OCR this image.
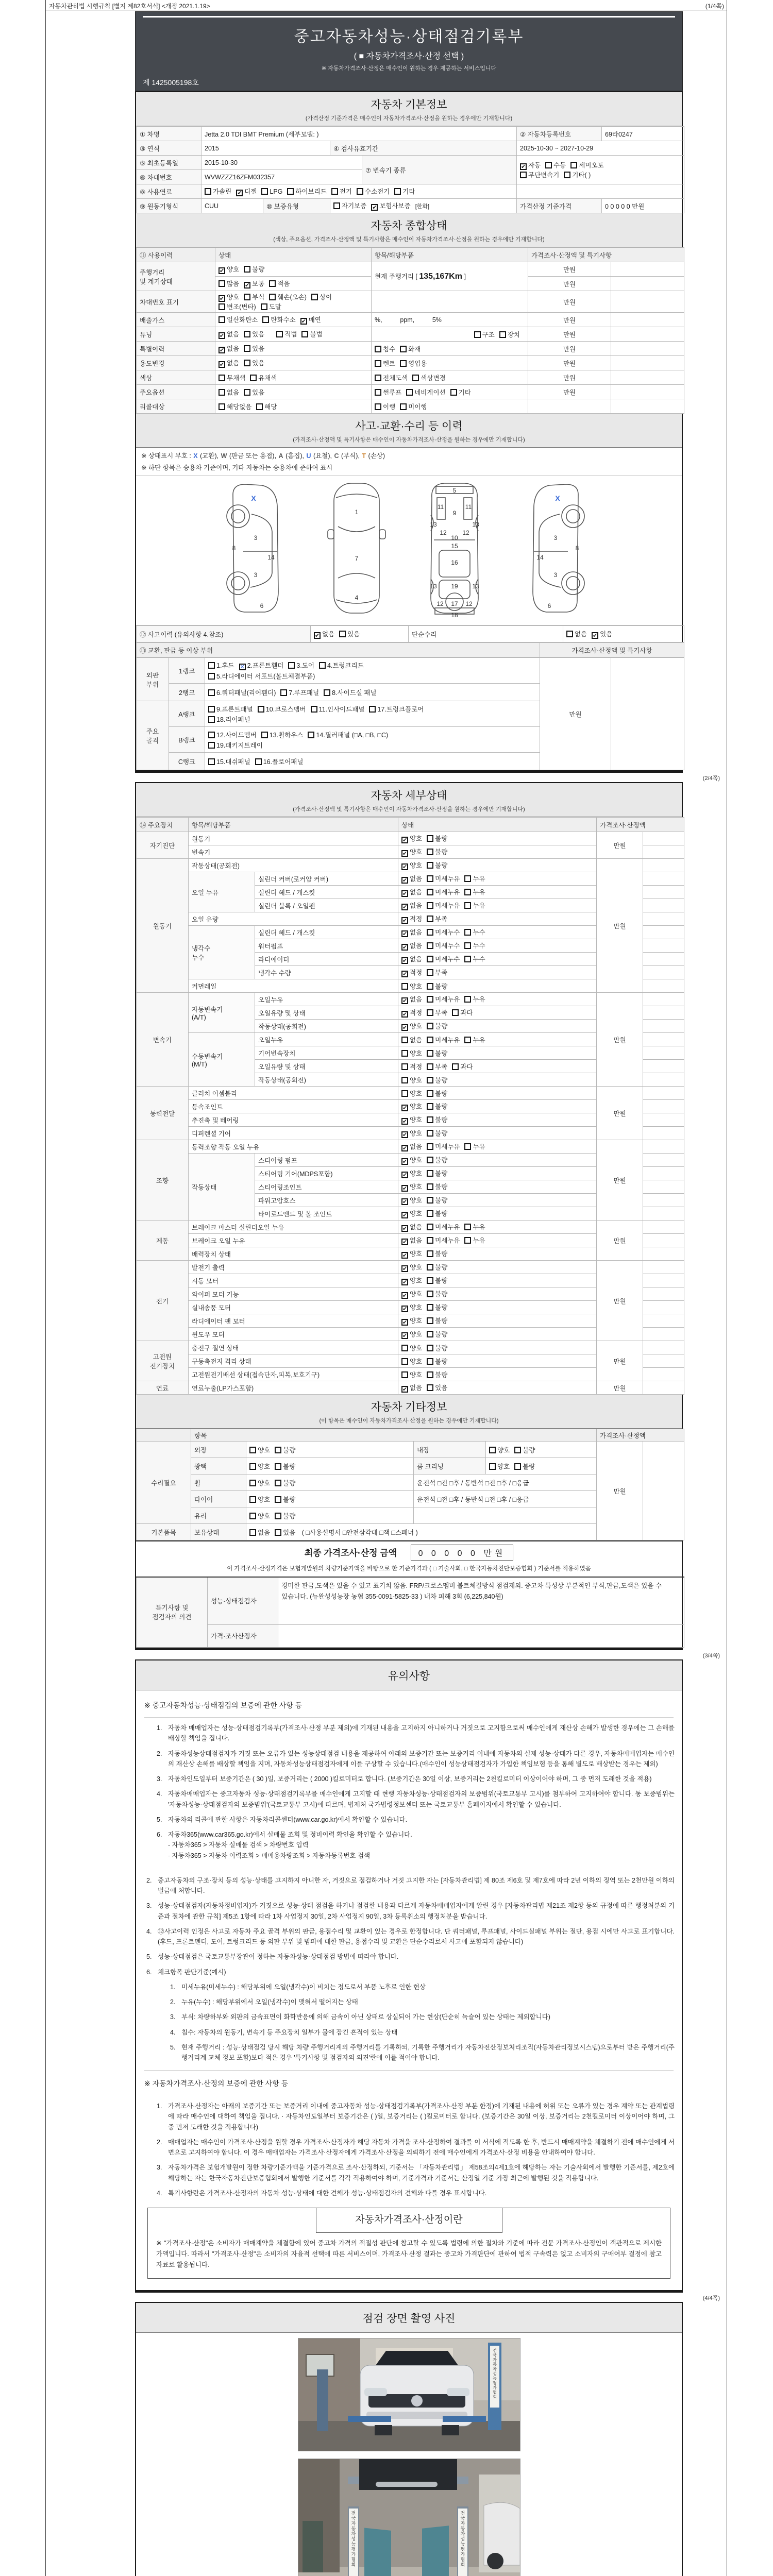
자동차관리법 시행규칙 [별지 제82호서식] <개정 2021.1.19>	(1/4쪽)
중고자동차성능·상태점검기록부
( ■ 자동차가격조사·산정 선택 )
※ 자동차가격조사·산정은 매수인이 원하는 경우 제공하는 서비스입니다
제 1425005198호
자동차 기본정보
(가격산정 기준가격은 매수인이 자동차가격조사·산정을 원하는 경우에만 기재합니다)
① 차명	Jetta 2.0 TDI BMT Premium (세부모델: )				② 자동차등록번호	69라0247
③ 연식	2015		④ 검사유효기간		2025-10-30 ~ 2027-10-29	
⑤ 최초등록일	2015-10-30			⑦ 변속기 종류	✔ 자동 수동 세미오토
무단변속기 기타( )	
⑥ 차대번호	WVWZZZ16ZFM032357					
⑧ 사용연료	가솔린 ✔ 디젤 LPG 하이브리드 전기 수소전기 기타					
⑨ 원동기형식	CUU	⑩ 보증유형	자기보증 ✔ 보험사보증 [한화]		가격산정 기준가격	0 0 0 0 0 만원
자동차 종합상태
(색상, 주요옵션, 가격조사·산정액 및 특기사항은 매수인이 자동차가격조사·산정을 원하는 경우에만 기재합니다)
⑪ 사용이력	상태	항목/해당부품	가격조사·산정액 및 특기사항	
주행거리
및 계기상태	✔ 양호 불량	현재 주행거리 [ 135,167Km ]	만원	
	많음 ✔ 보통 적음		만원	
차대번호 표기	✔ 양호 부식 훼손(오손) 상이변조(변타) 도말		만원	
배출가스	일산화탄소 탄화수소 ✔ 매연	%,          ppm,          5%	만원	
튜닝	✔ 없음 있음 적법 불법	구조 장치	만원	
특별이력	✔ 없음 있음	침수 화재	만원	
용도변경	✔ 없음 있음	렌트 영업용	만원	
색상	무채색 유채색	전체도색 색상변경	만원	
주요옵션	없음 있음	썬루프 네비게이션 기타	만원	
리콜대상	해당없음 해당	이행 미이행		

사고·교환·수리 등 이력
(가격조사·산정액 및 특기사항은 매수인이 자동차가격조사·산정을 원하는 경우에만 기재합니다)
※ 상태표시 부호 : X (교환), W (판금 또는 용접), A (흠집), U (요철), C (부식), T (손상)
※ 하단 항목은 승용차 기준이며, 기타 자동차는 승용차에 준하여 표시
X
8
3
14
3
6
1
7
4
5
11	11
9
13	13
12	12
10
15
16
13 19 13
12 17 12
18
X
8
3
14
3
6
⑫ 사고이력 (유의사항 4.참조)	✔ 없음 있음	단순수리	없음 ✔ 있음
⑬ 교환, 판금 등 이상 부위	가격조사·산정액 및 특기사항
외판
부위	1랭크	
1.후드 ✕ 2.프론트휀더 3.도어 4.트렁크리드
5.라디에이터 서포트(볼트체결부품)
	만원	
	2랭크	6.쿼터패널(리어휀더) 7.루프패널 8.사이드실 패널		

주요
골격	A랭크	
9.프론트패널 10.크로스멤버 11.인사이드패널 17.트렁크플로어
18.리어패널

	B랭크	12.사이드멤버 13.휠하우스 14.필러패널 (□A, □B, □C)
19.패키지트레이		

	C랭크	15.대쉬패널 16.플로어패널		
(2/4쪽)
자동차 세부상태
(가격조사·산정액 및 특기사항은 매수인이 자동차가격조사·산정을 원하는 경우에만 기재합니다)
⑭ 주요장치	항목/해당부품		상태	가격조사·산정액	
자기진단	원동기		✔ 양호 불량	만원	
	변속기		✔ 양호 불량		
원동기	작동상태(공회전)		✔ 양호 불량	만원	
	오일 누유	실린더 커버(로커암 커버)	✔ 없음 미세누유 누유		
		실린더 헤드 / 개스킷	✔ 없음 미세누유 누유		
		실린더 블록 / 오일팬	✔ 없음 미세누유 누유		
	오일 유량		✔ 적정 부족		
	냉각수
누수	실린더 헤드 / 개스킷	✔ 없음 미세누수 누수		
		워터펌프	✔ 없음 미세누수 누수		
		라디에이터	✔ 없음 미세누수 누수		
		냉각수 수량	✔ 적정 부족		
	커먼레일		양호 불량		
변속기	자동변속기
(A/T)	오일누유	✔ 없음 미세누유 누유	만원	
		오일유량 및 상태	✔ 적정 부족 과다		
		작동상태(공회전)	✔ 양호 불량		
	수동변속기
(M/T)	오일누유	없음 미세누유 누유		
		기어변속장치	양호 불량		
		오일유량 및 상태	적정 부족 과다		
		작동상태(공회전)	양호 불량		
동력전달	클러치 어셈블리		양호 불량	만원	
	등속조인트		✔ 양호 불량		
	추진축 및 베어링		✔ 양호 불량		
	디퍼렌셜 기어		✔ 양호 불량		
조향	동력조향 작동 오일 누유		✔ 없음 미세누유 누유	만원	
	작동상태	스티어링 펌프	✔ 양호 불량		
		스티어링 기어(MDPS포함)	✔ 양호 불량		
		스티어링조인트	✔ 양호 불량		
		파워고압호스	✔ 양호 불량		
		타이로드엔드 및 볼 조인트	✔ 양호 불량		
제동	브레이크 마스터 실린더오일 누유		✔ 없음 미세누유 누유	만원	
	브레이크 오일 누유		✔ 없음 미세누유 누유		
	배력장치 상태		✔ 양호 불량		
전기	발전기 출력		✔ 양호 불량	만원	
	시동 모터		✔ 양호 불량		
	와이퍼 모터 기능		✔ 양호 불량		
	실내송풍 모터		✔ 양호 불량		
	라디에이터 팬 모터		✔ 양호 불량		
	윈도우 모터		✔ 양호 불량		
고전원
전기장치	충전구 절연 상태		양호 불량	만원	
	구동축전지 격리 상태		양호 불량		
	고전원전기배선 상태(접속단자,피복,보호기구)		양호 불량		
연료	연료누출(LP가스포함)		✔ 없음 있음	만원	
자동차 기타정보
(이 항목은 매수인이 자동차가격조사·산정을 원하는 경우에만 기재합니다)
	항목				가격조사·산정액	
수리필요	외장	양호 불량	내장	양호 불량	만원	
	광택	양호 불량	룸 크리닝	양호 불량		
	휠	양호 불량	운전석 □전 □후 / 동반석 □전 □후 / □응급			
	타이어	양호 불량	운전석 □전 □후 / 동반석 □전 □후 / □응급			
	유리	양호 불량				
기본품목	보유상태	없음 있음 ( □사용설명서 □안전삼각대 □잭 □스패너 )				
최종 가격조사·산정 금액	0 0 0 0 0 만원
이 가격조사·산정가격은 보험개발원의 차량기준가액을 바탕으로 한 기준가격과 ( □ 기술사회, □ 한국자동차진단보증협회 ) 기준서를 적용하였음
특기사항 및
점검자의 의견	성능·상태점검자	경미한 판금,도색은 있을 수 있고 표기치 않음. FRP/크로스멤버 볼트체결방식 점검제외. 중고차 특성상 부분적인 부식,판금,도색은 있을 수 있습니다. (뉴완성성능장 농협 355-0091-5825-33 ) 내차 피해 3회 (6,225,840원)
	가격·조사산정자	
(3/4쪽)
유의사항
※ 중고자동차성능·상태점검의 보증에 관한 사항 등
1. 자동차 매매업자는 성능·상태점검기록부(가격조사·산정 부분 제외)에 기재된 내용을 고지하지 아니하거나 거짓으로 고지함으로써 매수인에게 재산상 손해가 발생한 경우에는 그 손해를 배상할 책임을 집니다.
2. 자동차성능상태점검자가 거짓 또는 오류가 있는 성능상태점검 내용을 제공하여 아래의 보증기간 또는 보증거리 이내에 자동차의 실제 성능·상태가 다른 경우, 자동차매매업자는 매수인의 재산상 손해를 배상할 책임을 지며, 자동차성능상태점검자에게 이를 구상할 수 있습니다.(매수인이 성능상태점검자가 가입한 책임보험 등을 통해 별도로 배상받는 경우는 제외)
3. 자동차인도일부터 보증기간은 ( 30 )일, 보증거리는 ( 2000 )킬로미터로 합니다. (보증기간은 30일 이상, 보증거리는 2천킬로미터 이상이어야 하며, 그 중 먼저 도래한 것을 적용)
4. 자동차매매업자는 중고자동차 성능·상태점검기록부를 매수인에게 고지할 때 현행 자동차성능·상태점검자의 보증범위(국토교통부 고시)를 첨부하여 고지하여야 합니다. 동 보증범위는 '자동차성능·상태점검자의 보증범위'(국토교통부 고시)에 따르며, 법제처 국가법령정보센터 또는 국토교통부 홈페이지에서 확인할 수 있습니다.
5. 자동차의 리콜에 관한 사항은 자동차리콜센터(www.car.go.kr)에서 확인할 수 있습니다.
6. 자동차365(www.car365.go.kr)에서 실매물 조회 및 정비이력 확인을 확인할 수 있습니다.
- 자동차365 > 자동차 실매물 검색 > 차량번호 입력
- 자동차365 > 자동차 이력조회 > 매매용차량조회 > 자동차등록번호 검색
2. 중고자동차의 구조·장치 등의 성능·상태를 고지하지 아니한 자, 거짓으로 점검하거나 거짓 고지한 자는 [자동차관리법] 제 80조 제6호 및 제7호에 따라 2년 이하의 징역 또는 2천만원 이하의 벌금에 처합니다.
3. 성능·상태점검자(자동차정비업자)가 거짓으로 성능·상태 점검을 하거나 점검한 내용과 다르게 자동차매매업자에게 알린 경우 [자동차관리법 제21조 제2항 등의 규정에 따른 행정처분의 기준과 절차에 관한 규칙] 제5조 1항에 따라 1차 사업정지 30일, 2차 사업정지 90일, 3차 등록취소의 행정처분을 받습니다.
4. ⑫사고이력 인정은 사고로 자동차 주요 골격 부위의 판금, 용접수리 및 교환이 있는 경우로 한정합니다. 단 쿼터패널, 루프패널, 사이드실패널 부위는 절단, 용접 시에만 사고로 표기합니다. (후드, 프론트펜더, 도어, 트렁크리드 등 외판 부위 및 범퍼에 대한 판금, 용접수리 및 교환은 단순수리로서 사고에 포함되지 않습니다)
5. 성능·상태점검은 국토교통부장관이 정하는 자동차성능·상태점검 방법에 따라야 합니다.
6. 체크항목 판단기준(예시)
1. 미세누유(미세누수) : 해당부위에 오일(냉각수)이 비치는 정도로서 부품 노후로 인한 현상
2. 누유(누수) : 해당부위에서 오일(냉각수)이 맺혀서 떨어지는 상태
3. 부식: 차량하부와 외판의 금속표면이 화학반응에 의해 금속이 아닌 상태로 상실되어 가는 현상(단순히 녹슬어 있는 상태는 제외합니다)
4. 침수: 자동차의 원동기, 변속기 등 주요장치 일부가 물에 잠긴 흔적이 있는 상태
5. 현재 주행거리 : 성능·상태점검 당시 해당 차량 주행거리계의 주행거리를 기록하되, 기록한 주행거리가 자동차전산정보처리조직(자동차관리정보시스템)으로부터 받은 주행거리(주행거리계 교체 정보 포함)보다 적은 경우 '특기사항 및 점검자의 의견'란에 이를 적어야 합니다.
※ 자동차가격조사·산정의 보증에 관한 사항 등
1. 가격조사·산정자는 아래의 보증기간 또는 보증거리 이내에 중고자동차 성능·상태점검기록부(가격조사·산정 부분 한정)에 기재된 내용에 허위 또는 오류가 있는 경우 계약 또는 관계법령에 따라 매수인에 대하여 책임을 집니다. · 자동차인도일부터 보증기간은 ( )일, 보증거리는 ( )킬로미터로 합니다. (보증기간은 30일 이상, 보증거리는 2천킬로미터 이상이어야 하며, 그 중 먼저 도래한 것을 적용합니다)
2. 매매업자는 매수인이 가격조사·산정을 원할 경우 가격조사·산정자가 해당 자동차 가격을 조사·산정하여 결과를 이 서식에 적도록 한 후, 반드시 매매계약을 체결하기 전에 매수인에게 서면으로 고지하여야 합니다. 이 경우 매매업자는 가격조사·산정자에게 가격조사·산정을 의뢰하기 전에 매수인에게 가격조사·산정 비용을 안내하여야 합니다.
3. 자동차가격은 보험개발원이 정한 차량기준가액을 기준가격으로 조사·산정하되, 기준서는 「자동차관리법」 제58조의4제1호에 해당하는 자는 기술사회에서 발행한 기준서를, 제2호에 해당하는 자는 한국자동차진단보증협회에서 발행한 기준서를 각각 적용하여야 하며, 기준가격과 기준서는 산정일 기준 가장 최근에 발행된 것을 적용합니다.
4. 특기사항란은 가격조사·산정자의 자동차 성능·상태에 대한 견해가 성능·상태점검자의 견해와 다를 경우 표시합니다.
자동차가격조사·산정이란
※ "가격조사·산정"은 소비자가 매매계약을 체결함에 있어 중고차 가격의 적절성 판단에 참고할 수 있도록 법령에 의한 절차와 기준에 따라 전문 가격조사·산정인이 객관적으로 제시한 가액입니다. 따라서 "가격조사·산정"은 소비자의 자율적 선택에 따른 서비스이며, 가격조사·산정 결과는 중고차 가격판단에 관하여 법적 구속력은 없고 소비자의 구매여부 결정에 참고자료로 활용됩니다.
(4/4쪽)
점검 장면 촬영 사진
전 국 자 동 차 성 능 평 가 협 회
전 국 자 동 차 성 능 평 가 협 회
전 국 자 동 차 성 능 평 가 협 회
